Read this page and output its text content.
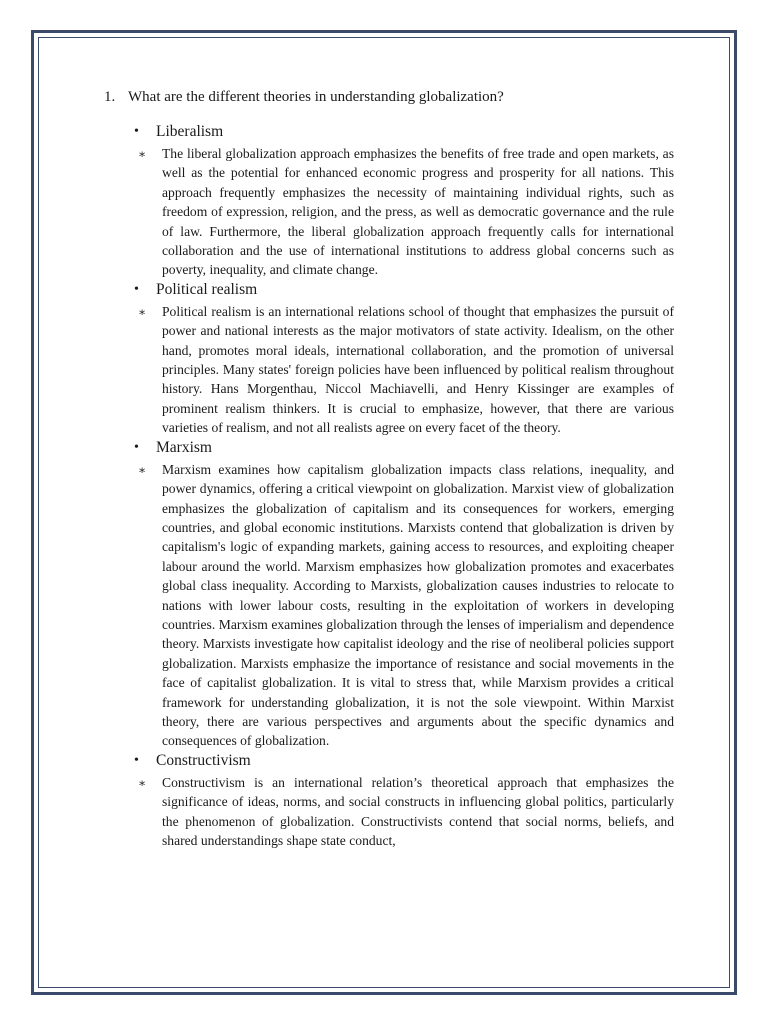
1. What are the different theories in understanding globalization?
•	Liberalism
∗	The liberal globalization approach emphasizes the benefits of free trade and open markets, as well as the potential for enhanced economic progress and prosperity for all nations. This approach frequently emphasizes the necessity of maintaining individual rights, such as freedom of expression, religion, and the press, as well as democratic governance and the rule of law. Furthermore, the liberal globalization approach frequently calls for international collaboration and the use of international institutions to address global concerns such as poverty, inequality, and climate change.
•	Political realism
∗	Political realism is an international relations school of thought that emphasizes the pursuit of power and national interests as the major motivators of state activity. Idealism, on the other hand, promotes moral ideals, international collaboration, and the promotion of universal principles. Many states' foreign policies have been influenced by political realism throughout history. Hans Morgenthau, Niccol Machiavelli, and Henry Kissinger are examples of prominent realism thinkers. It is crucial to emphasize, however, that there are various varieties of realism, and not all realists agree on every facet of the theory.
•	Marxism
∗	Marxism examines how capitalism globalization impacts class relations, inequality, and power dynamics, offering a critical viewpoint on globalization. Marxist view of globalization emphasizes the globalization of capitalism and its consequences for workers, emerging countries, and global economic institutions. Marxists contend that globalization is driven by capitalism's logic of expanding markets, gaining access to resources, and exploiting cheaper labour around the world. Marxism emphasizes how globalization promotes and exacerbates global class inequality. According to Marxists, globalization causes industries to relocate to nations with lower labour costs, resulting in the exploitation of workers in developing countries. Marxism examines globalization through the lenses of imperialism and dependence theory. Marxists investigate how capitalist ideology and the rise of neoliberal policies support globalization. Marxists emphasize the importance of resistance and social movements in the face of capitalist globalization. It is vital to stress that, while Marxism provides a critical framework for understanding globalization, it is not the sole viewpoint. Within Marxist theory, there are various perspectives and arguments about the specific dynamics and consequences of globalization.
•	Constructivism
∗	Constructivism is an international relation’s theoretical approach that emphasizes the significance of ideas, norms, and social constructs in influencing global politics, particularly the phenomenon of globalization. Constructivists contend that social norms, beliefs, and shared understandings shape state conduct,
